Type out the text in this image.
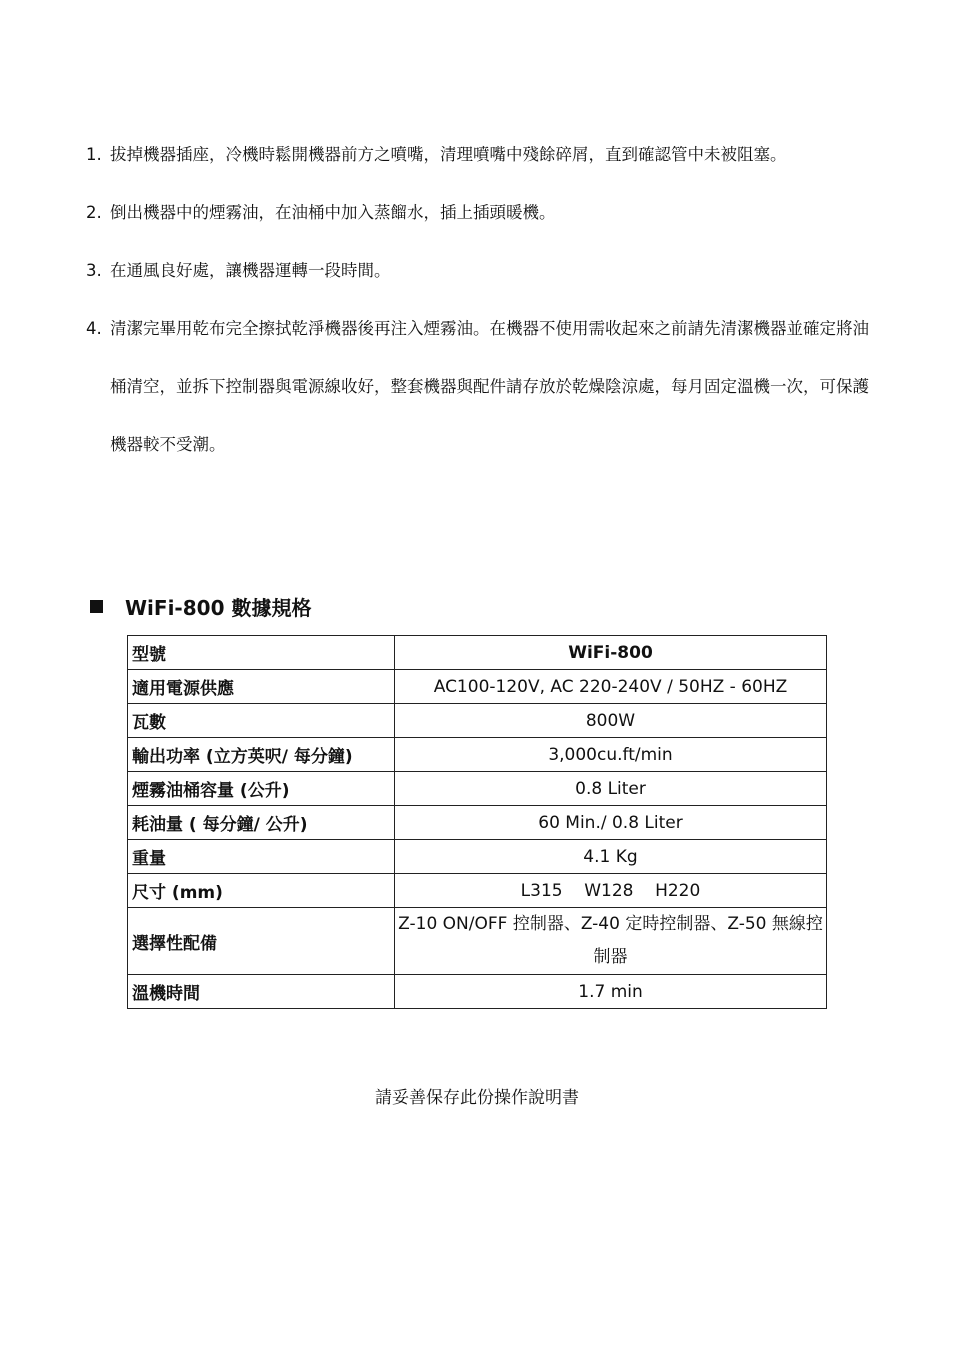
1. 拔掉機器插座，冷機時鬆開機器前方之噴嘴，清理噴嘴中殘餘碎屑，直到確認管中未被阻塞。
2. 倒出機器中的煙霧油，在油桶中加入蒸餾水，插上插頭暖機。
3. 在通風良好處，讓機器運轉一段時間。
4. 清潔完畢用乾布完全擦拭乾淨機器後再注入煙霧油。在機器不使用需收起來之前請先清潔機器並確定將油桶清空，並拆下控制器與電源線收好，整套機器與配件請存放於乾燥陰涼處，每月固定溫機一次，可保護機器較不受潮。
WiFi-800 數據規格
型號	WiFi-800
適用電源供應	AC100-120V, AC 220-240V / 50HZ - 60HZ
瓦數	800W
輸出功率 (立方英呎/ 每分鐘)	3,000cu.ft/min
煙霧油桶容量 (公升)	0.8 Liter
耗油量 ( 每分鐘/ 公升)	60 Min./ 0.8 Liter
重量	4.1 Kg
尺寸 (mm)	L315    W128    H220
選擇性配備	Z-10 ON/OFF 控制器、Z-40 定時控制器、Z-50 無線控制器
溫機時間	1.7 min
請妥善保存此份操作說明書
